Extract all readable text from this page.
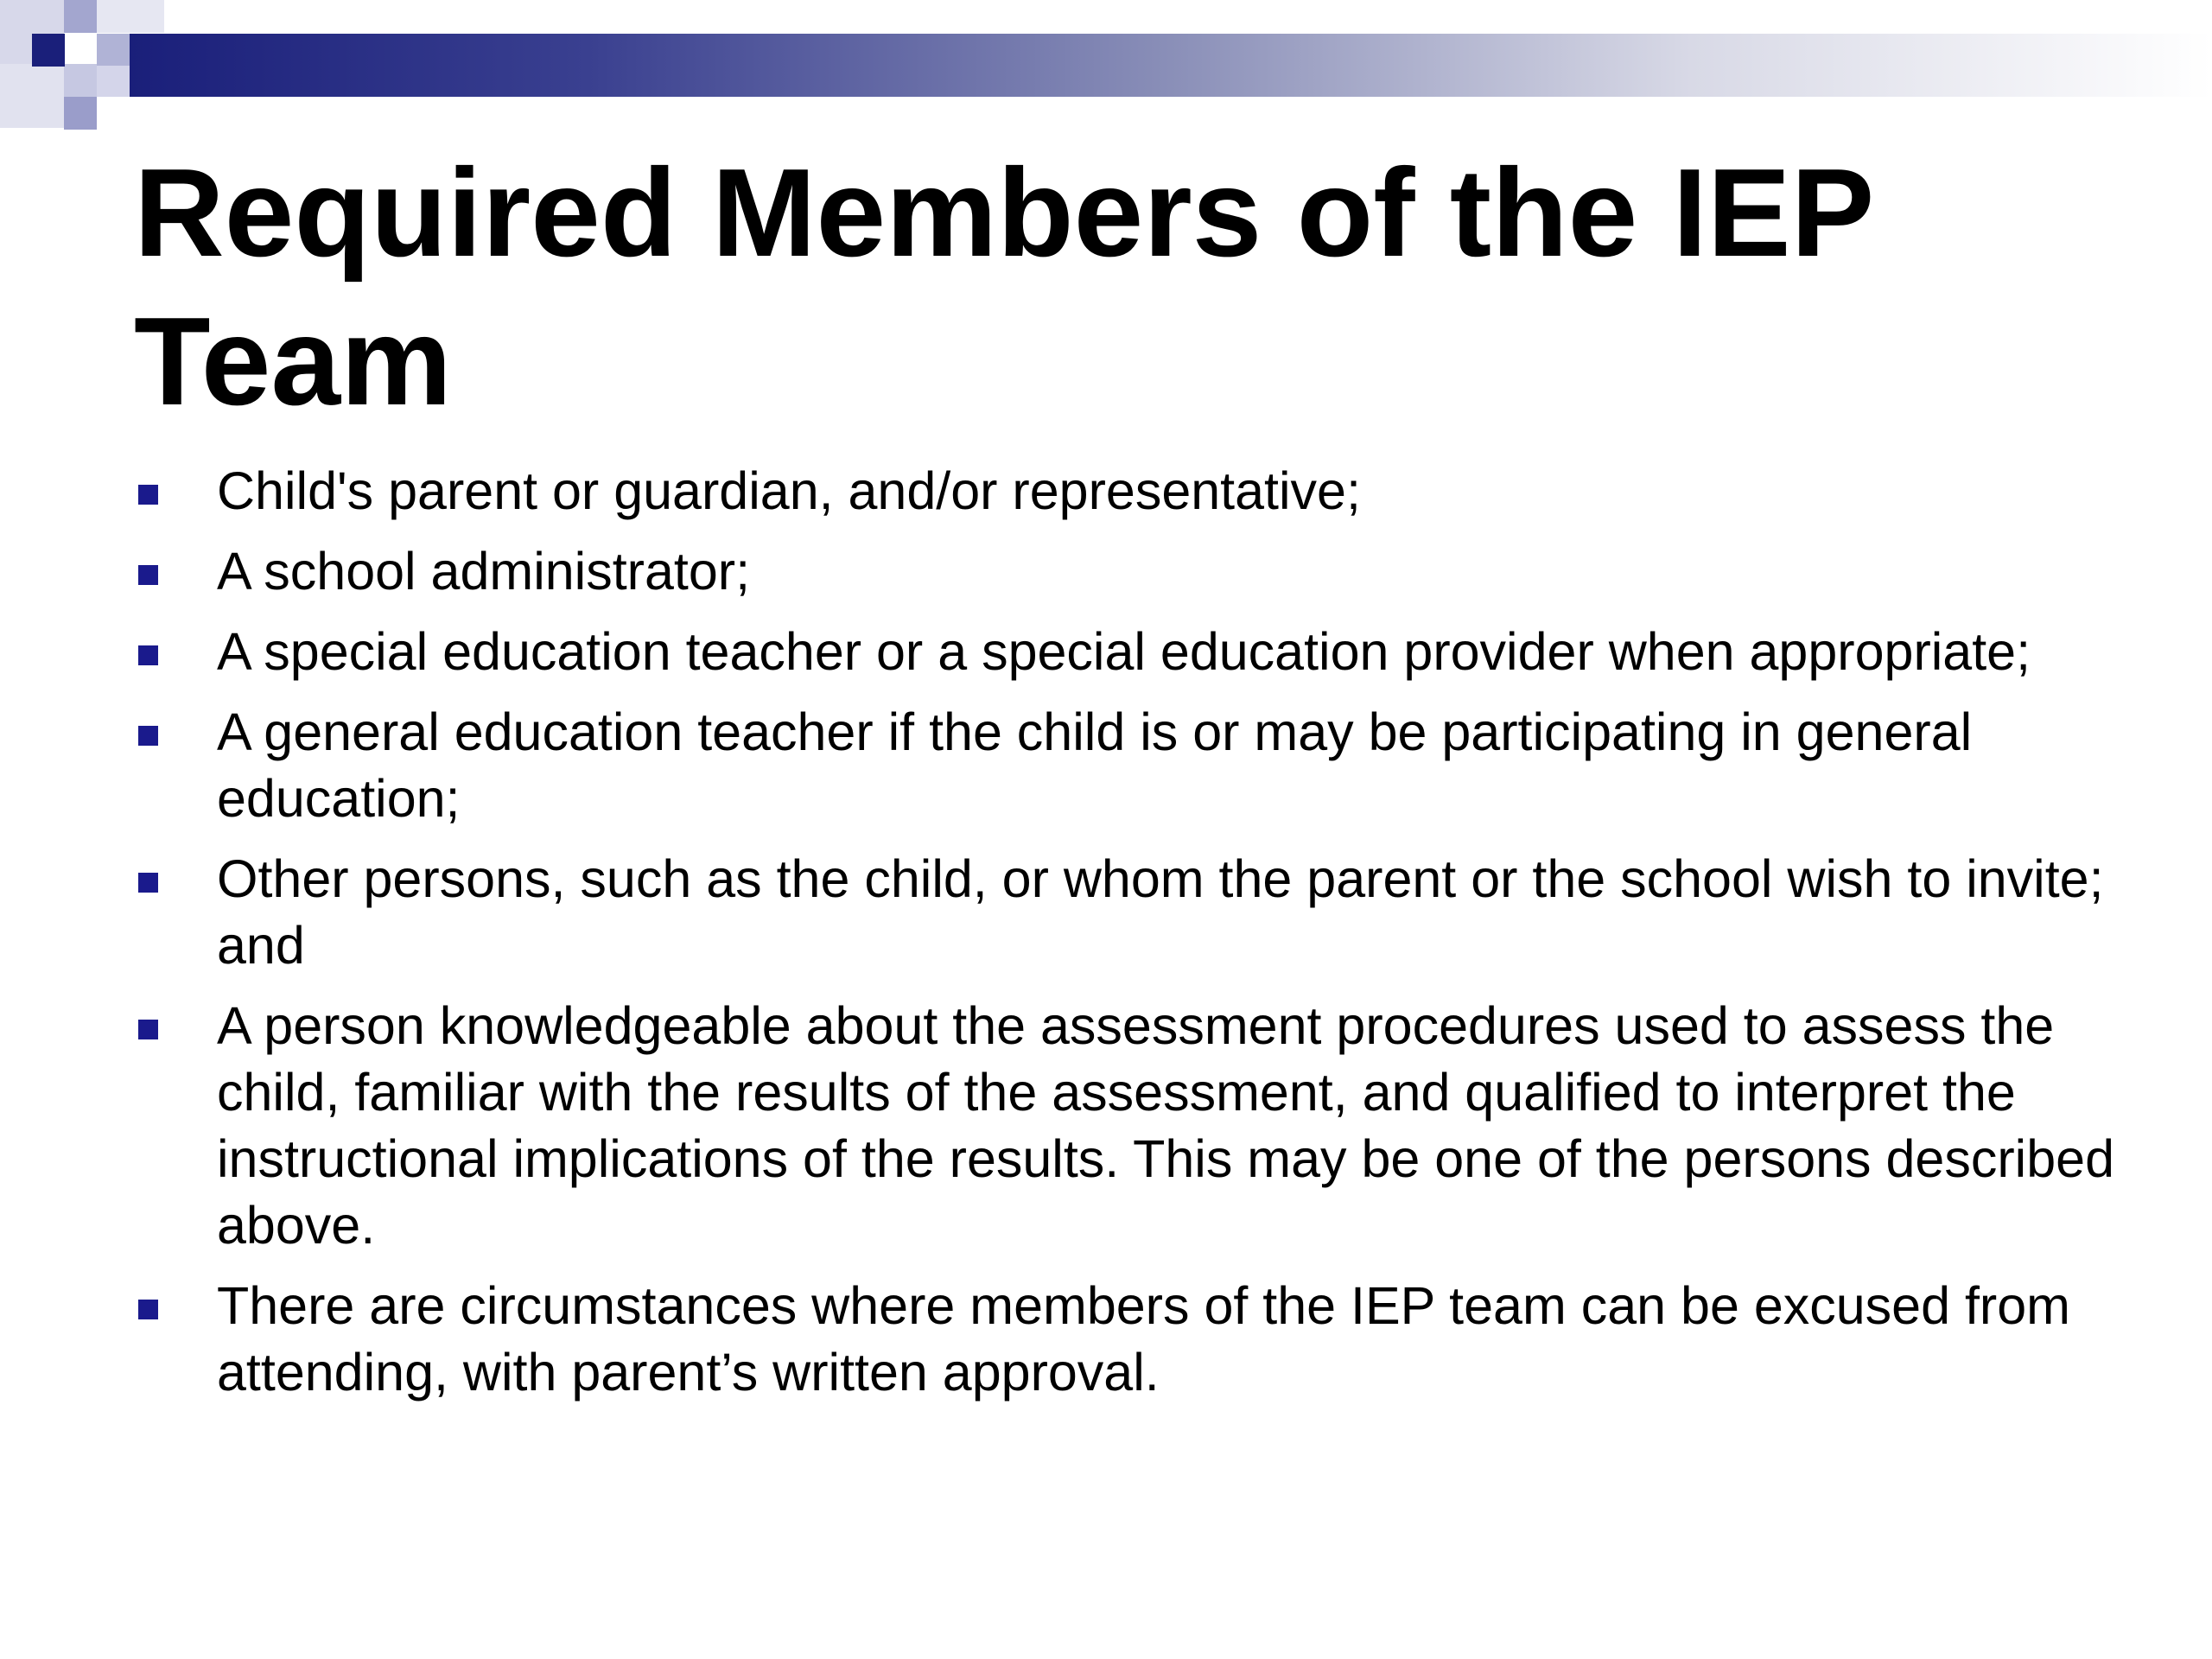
Required Members of the IEP Team
Child's parent or guardian, and/or representative;
A school administrator;
A special education teacher or a special education provider when appropriate;
A general education teacher if the child is or may be participating in general education;
Other persons, such as the child, or whom the parent or the school wish to invite; and
A person knowledgeable about the assessment procedures used to assess the child, familiar with the results of the assessment, and qualified to interpret the instructional implications of the results. This may be one of the persons described above.
There are circumstances where members of the IEP team can be excused from attending, with parent’s written approval.
